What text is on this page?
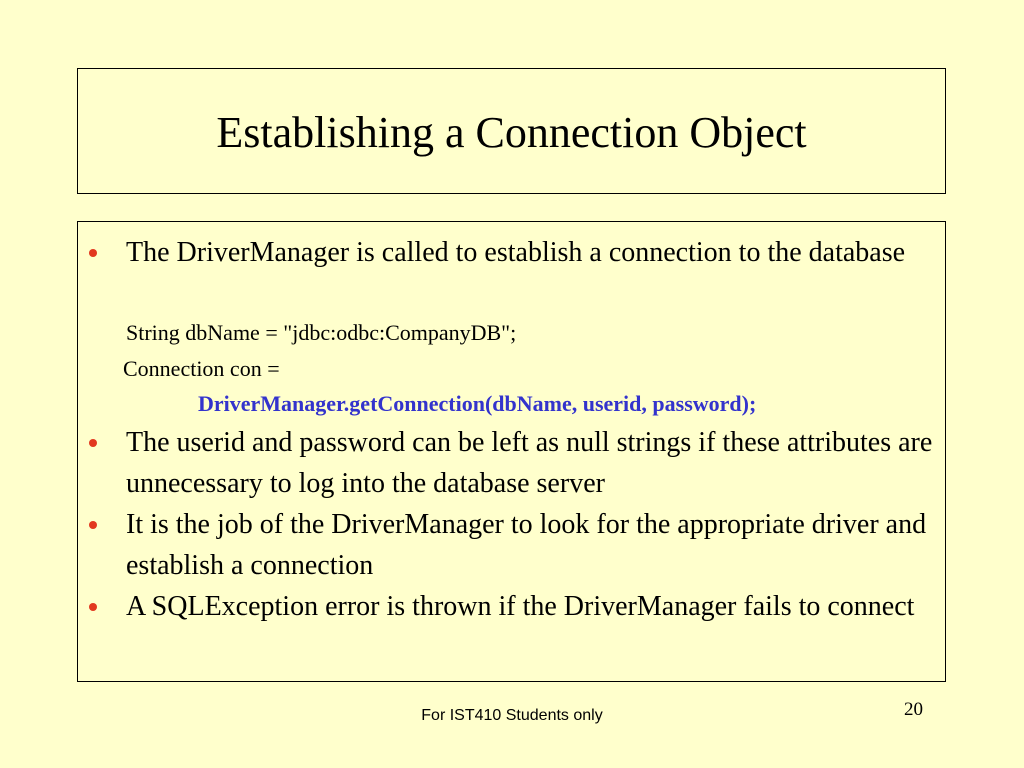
Establishing a Connection Object
The DriverManager is called to establish a connection to the database
String dbName = "jdbc:odbc:CompanyDB";
Connection con =
DriverManager.getConnection(dbName, userid, password);
The userid and password can be left as null strings if these attributes are unnecessary to log into the database server
It is the job of the DriverManager to look for the appropriate driver and establish a connection
A SQLException error is thrown if the DriverManager fails to connect
For IST410 Students only	20
